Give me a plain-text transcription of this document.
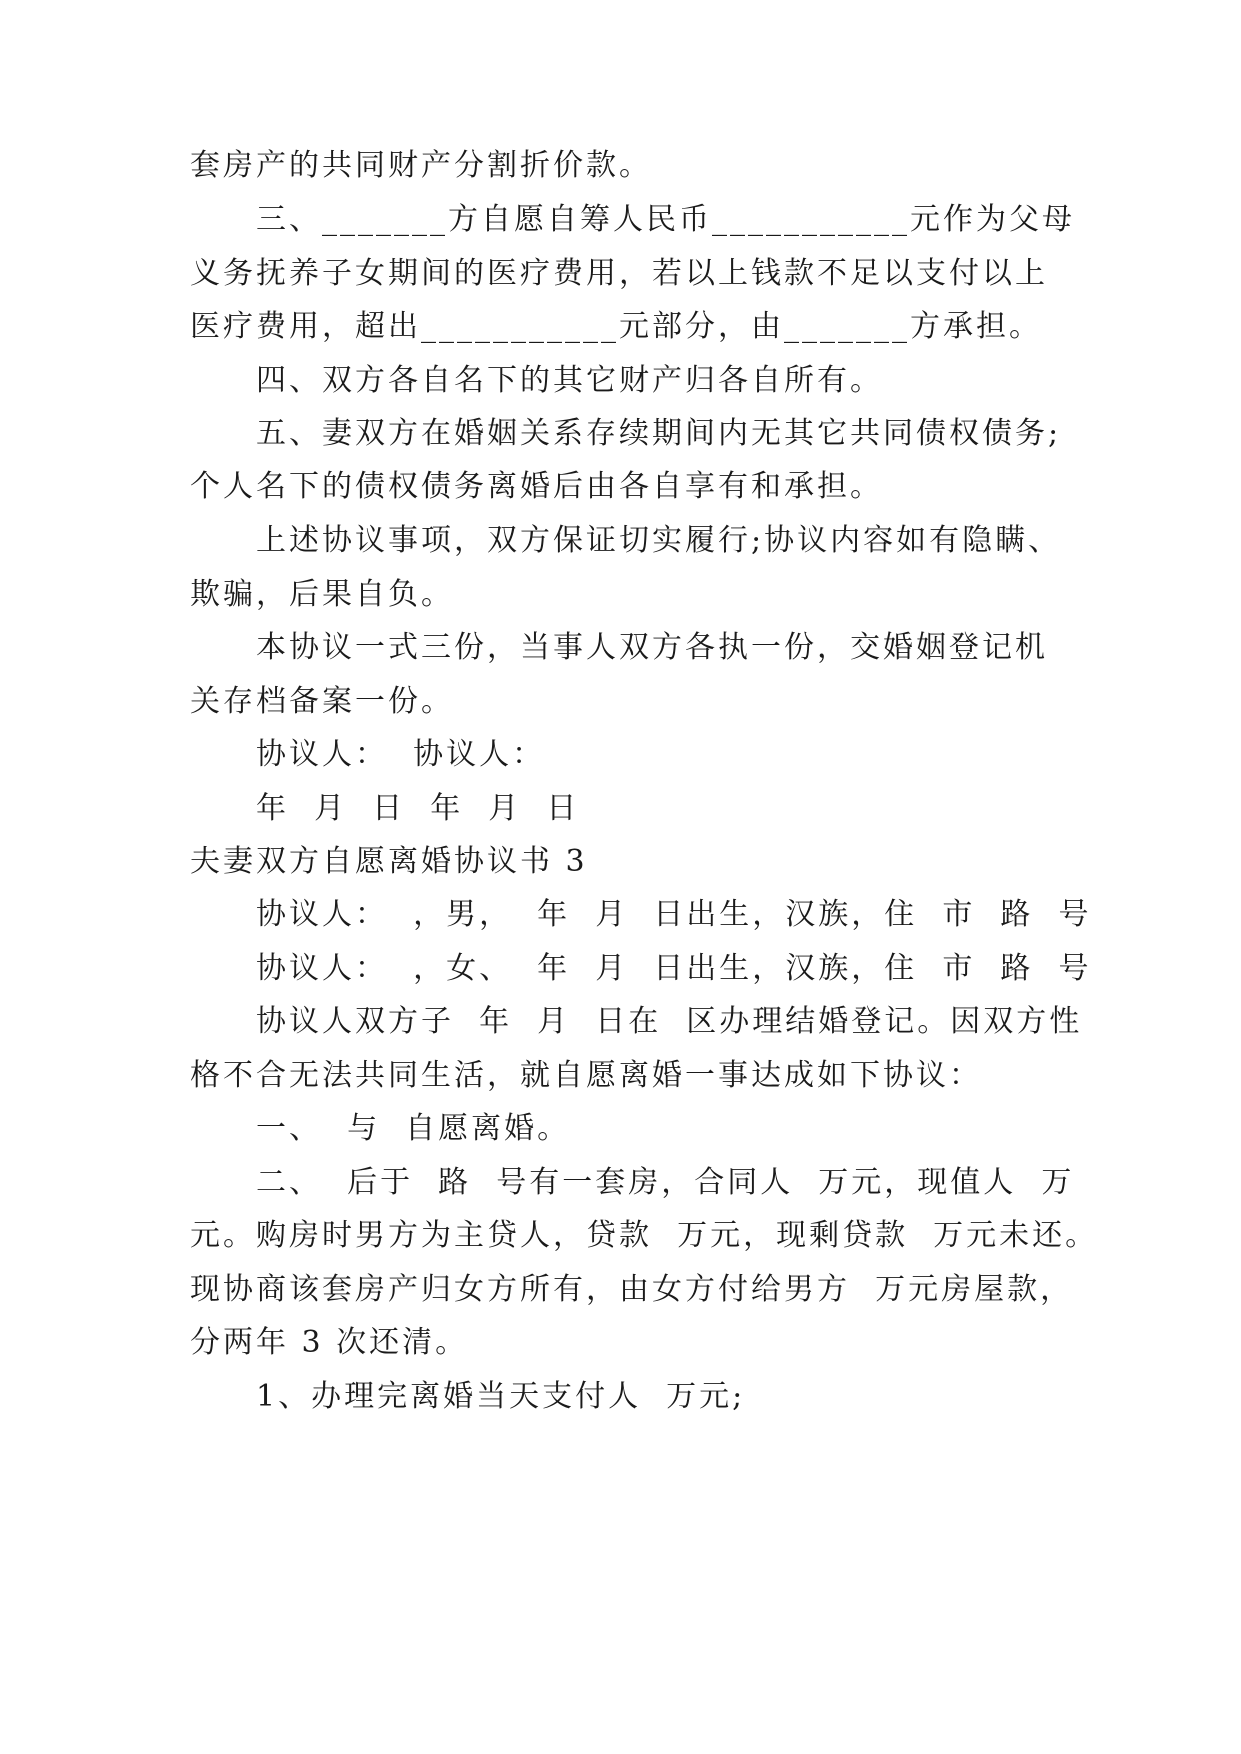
套房产的共同财产分割折价款。
三、_______方自愿自筹人民币___________元作为父母
义务抚养子女期间的医疗费用，若以上钱款不足以支付以上
医疗费用，超出___________元部分，由_______方承担。
四、双方各自名下的其它财产归各自所有。
五、妻双方在婚姻关系存续期间内无其它共同债权债务;
个人名下的债权债务离婚后由各自享有和承担。
上述协议事项，双方保证切实履行;协议内容如有隐瞒、
欺骗，后果自负。
本协议一式三份，当事人双方各执一份，交婚姻登记机
关存档备案一份。
协议人：  协议人：
年  月  日  年  月  日
夫妻双方自愿离婚协议书 3
协议人：  ，男，  年  月  日出生，汉族，住  市  路  号
协议人：  ，女、  年  月  日出生，汉族，住  市  路  号
协议人双方子  年  月  日在  区办理结婚登记。因双方性
格不合无法共同生活，就自愿离婚一事达成如下协议：
一、  与  自愿离婚。
二、  后于  路  号有一套房，合同人  万元，现值人  万
元。购房时男方为主贷人，贷款  万元，现剩贷款  万元未还。
现协商该套房产归女方所有，由女方付给男方  万元房屋款，
分两年 3 次还清。
1、办理完离婚当天支付人  万元;
